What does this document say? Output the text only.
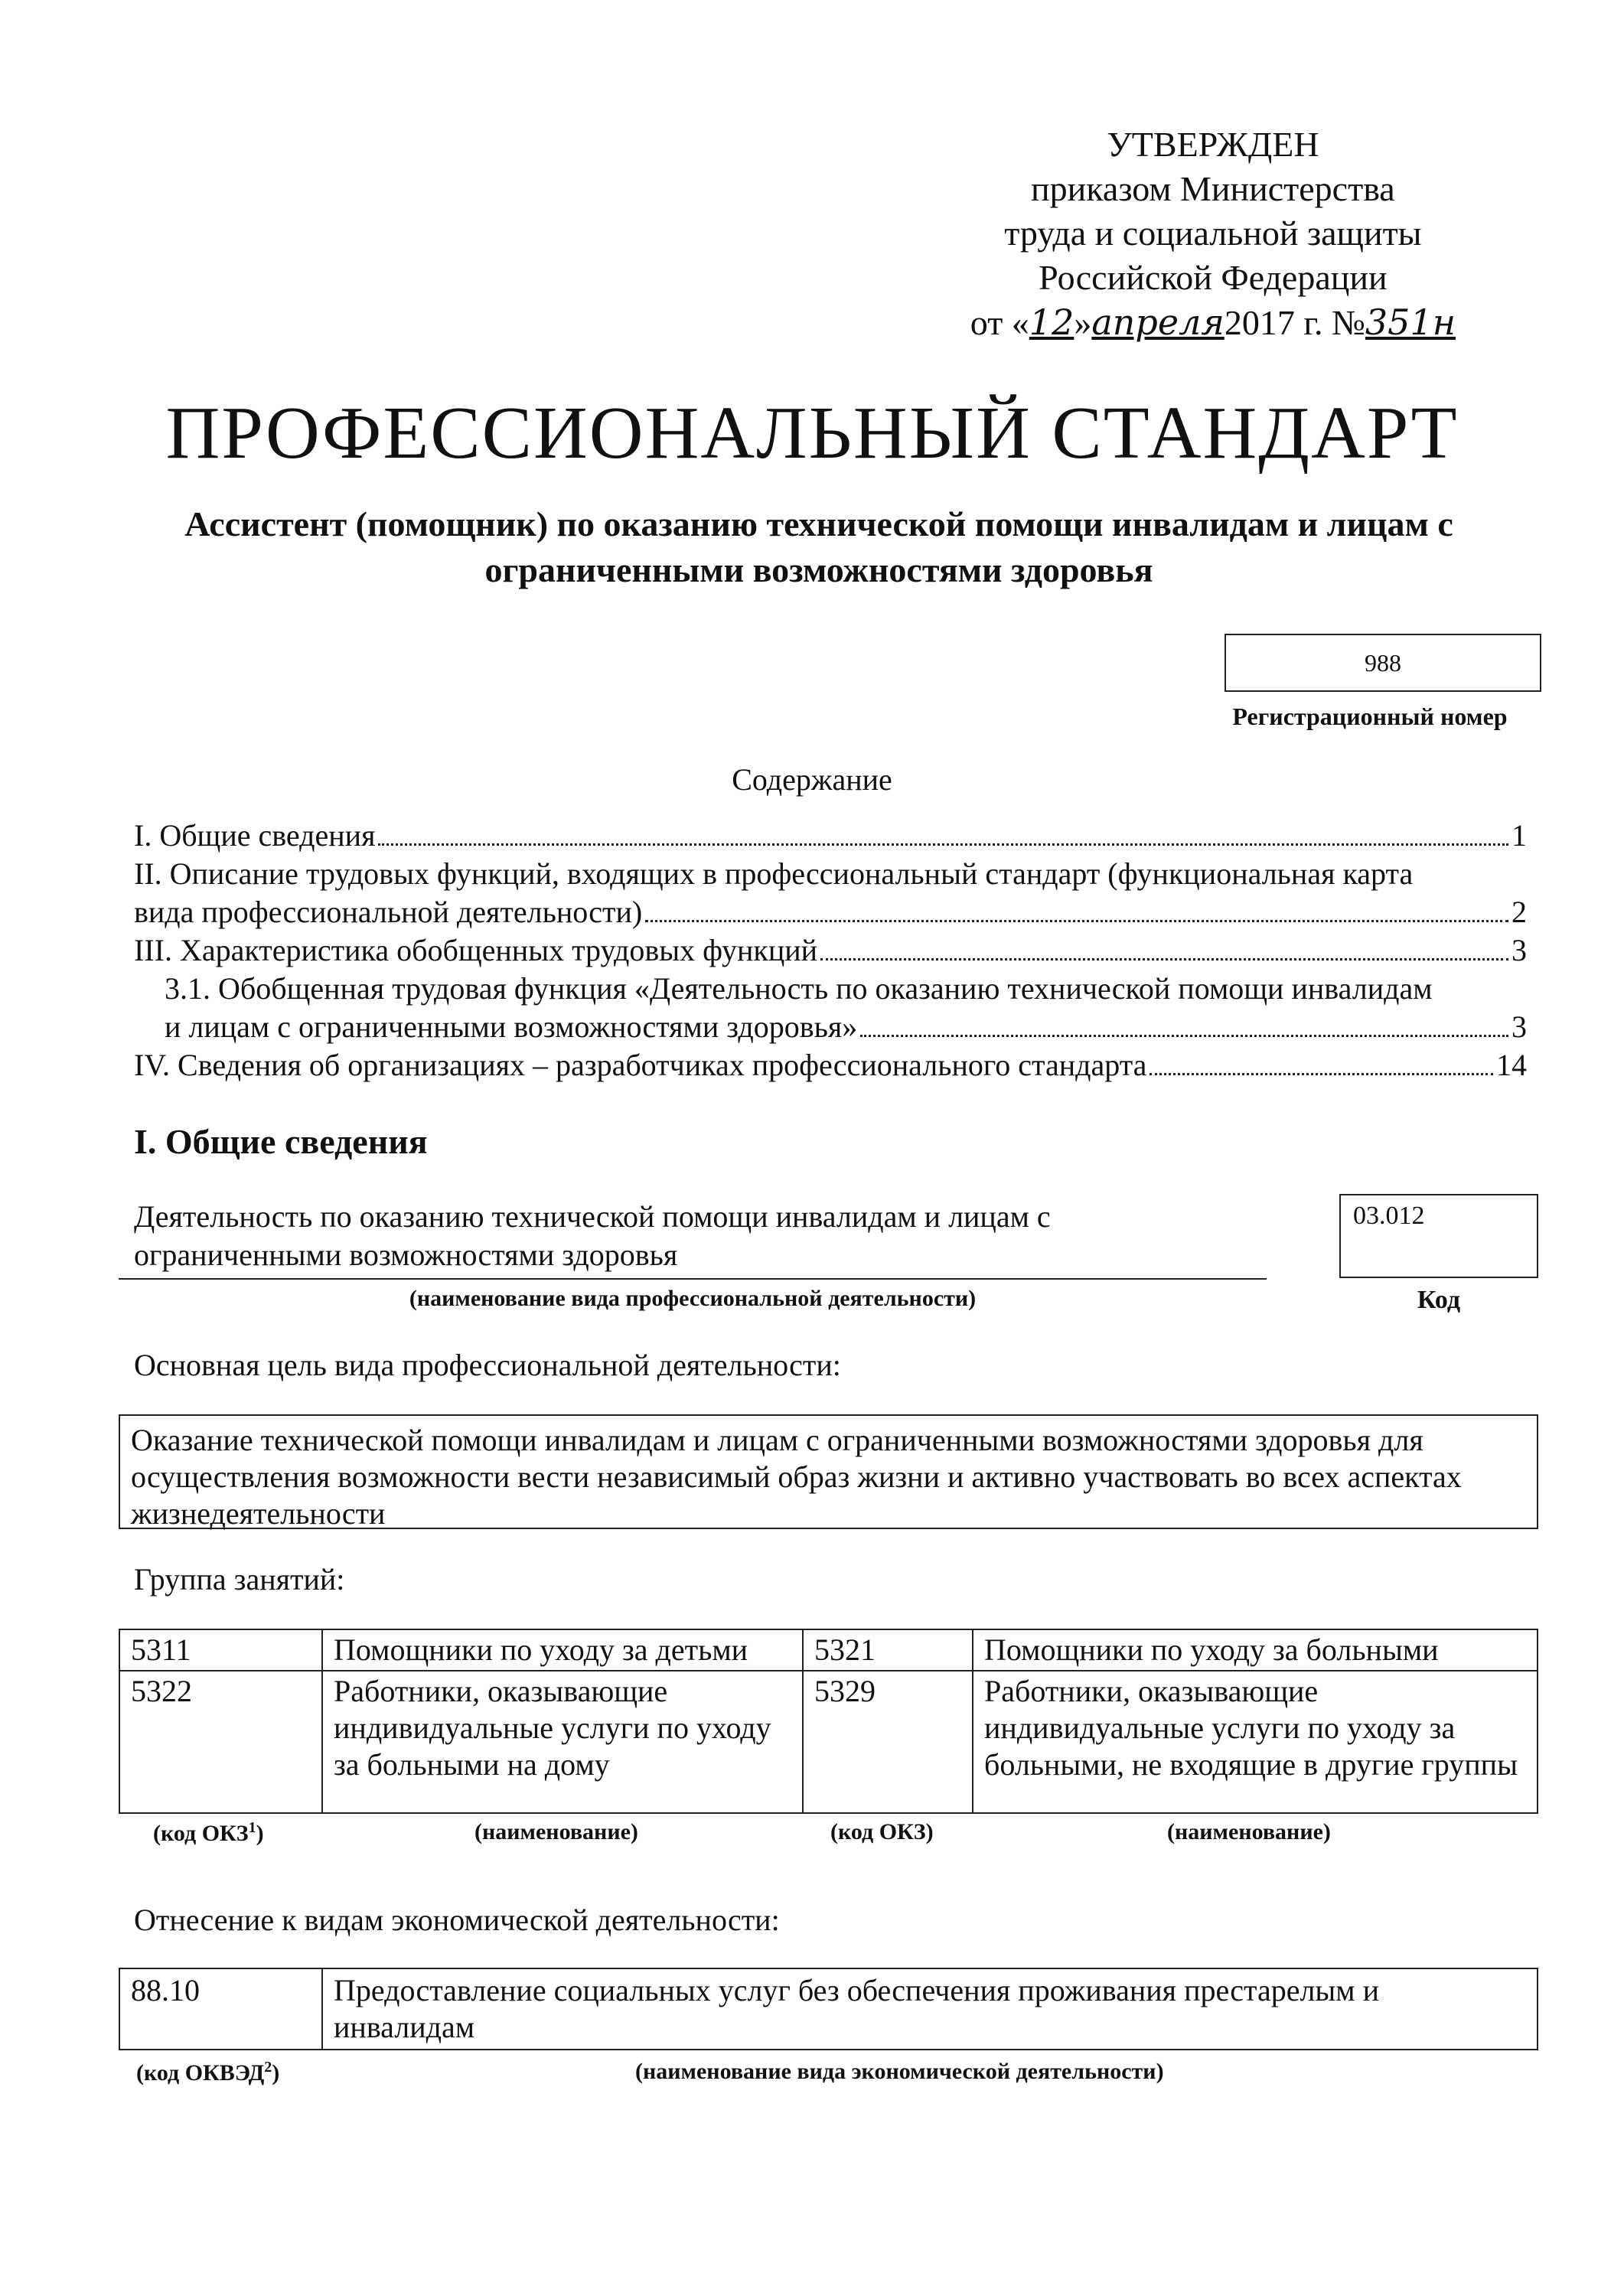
УТВЕРЖДЕН
приказом Министерства
труда и социальной защиты
Российской Федерации
от «12»апреля2017 г. №351н
ПРОФЕССИОНАЛЬНЫЙ СТАНДАРТ
Ассистент (помощник) по оказанию технической помощи инвалидам и лицам с
ограниченными возможностями здоровья
988
Регистрационный номер
Содержание
I. Общие сведения	1
II. Описание трудовых функций, входящих в профессиональный стандарт (функциональная карта
вида профессиональной деятельности)	2
III. Характеристика обобщенных трудовых функций	3
3.1. Обобщенная трудовая функция «Деятельность по оказанию технической помощи инвалидам
и лицам с ограниченными возможностями здоровья»	3
IV. Сведения об организациях – разработчиках профессионального стандарта	14
I. Общие сведения
Деятельность по оказанию технической помощи инвалидам и лицам с
ограниченными возможностями здоровья
(наименование вида профессиональной деятельности)
03.012
Код
Основная цель вида профессиональной деятельности:
Оказание технической помощи инвалидам и лицам с ограниченными возможностями здоровья для осуществления возможности вести независимый образ жизни и активно участвовать во всех аспектах жизнедеятельности
Группа занятий:
5311	Помощники по уходу за детьми	5321	Помощники по уходу за больными
5322	Работники, оказывающие индивидуальные услуги по уходу за больными на дому	5329	Работники, оказывающие индивидуальные услуги по уходу за больными, не входящие в другие группы
(код ОКЗ$^1$)	(наименование)	(код ОКЗ)	(наименование)
Отнесение к видам экономической деятельности:
88.10	Предоставление социальных услуг без обеспечения проживания престарелым и инвалидам
(код ОКВЭД$^2$)	(наименование вида экономической деятельности)
